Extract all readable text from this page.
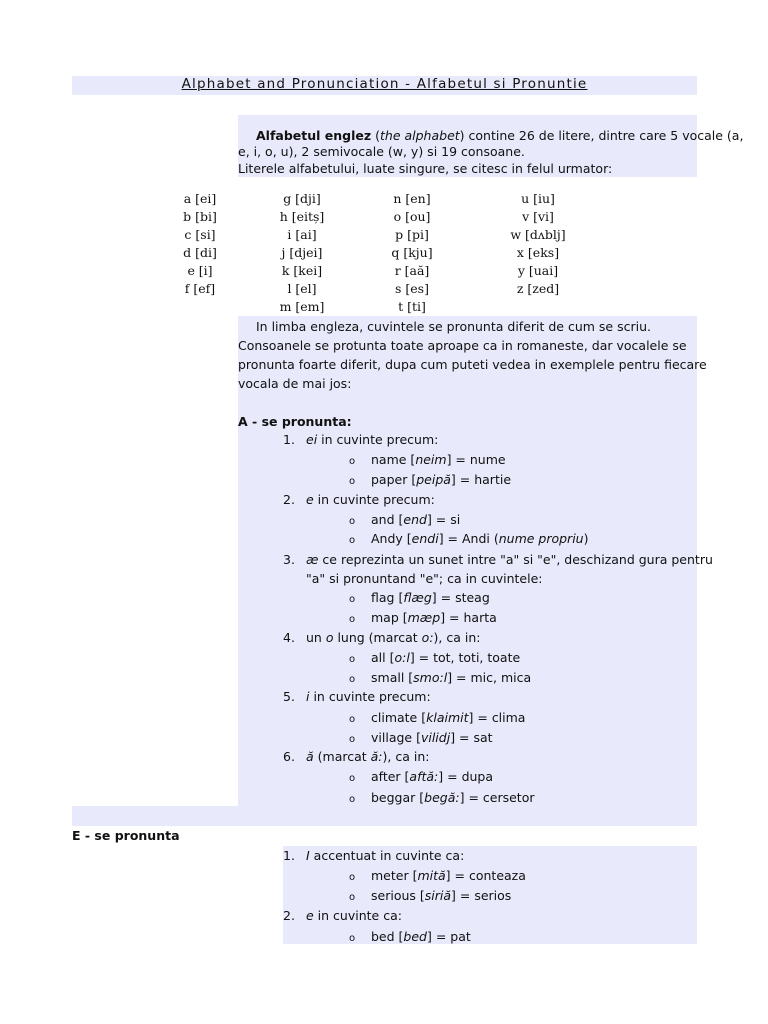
Alphabet and Pronunciation - Alfabetul si Pronuntie
Alfabetul englez (the alphabet) contine 26 de litere, dintre care 5 vocale (a,
e, i, o, u), 2 semivocale (w, y) si 19 consoane.
Literele alfabetului, luate singure, se citesc in felul urmator:
a [ei]
b [bi]
c [si]
d [di]
e [i]
f [ef]
g [dji]
h [eitș]
i [ai]
j [djei]
k [kei]
l [el]
m [em]
n [en]
o [ou]
p [pi]
q [kju]
r [aă]
s [es]
t [ti]
u [iu]
v [vi]
w [dʌblj]
x [eks]
y [uai]
z [zed]
In limba engleza, cuvintele se pronunta diferit de cum se scriu.
Consoanele se protunta toate aproape ca in romaneste, dar vocalele se
pronunta foarte diferit, dupa cum puteti vedea in exemplele pentru fiecare
vocala de mai jos:
A - se pronunta:
1. ei in cuvinte precum:
o name [neim] = nume
o paper [peipă] = hartie
2. e in cuvinte precum:
o and [end] = si
o Andy [endi] = Andi (nume propriu)
3. æ ce reprezinta un sunet intre "a" si "e", deschizand gura pentru
"a" si pronuntand "e"; ca in cuvintele:
o flag [flæg] = steag
o map [mæp] = harta
4. un o lung (marcat o:), ca in:
o all [o:l] = tot, toti, toate
o small [smo:l] = mic, mica
5. i in cuvinte precum:
o climate [klaimit] = clima
o village [vilidj] = sat
6. ă (marcat ă:), ca in:
o after [aftă:] = dupa
o beggar [begă:] = cersetor
E - se pronunta
1. I accentuat in cuvinte ca:
o meter [mită] = conteaza
o serious [siriă] = serios
2. e in cuvinte ca:
o bed [bed] = pat
